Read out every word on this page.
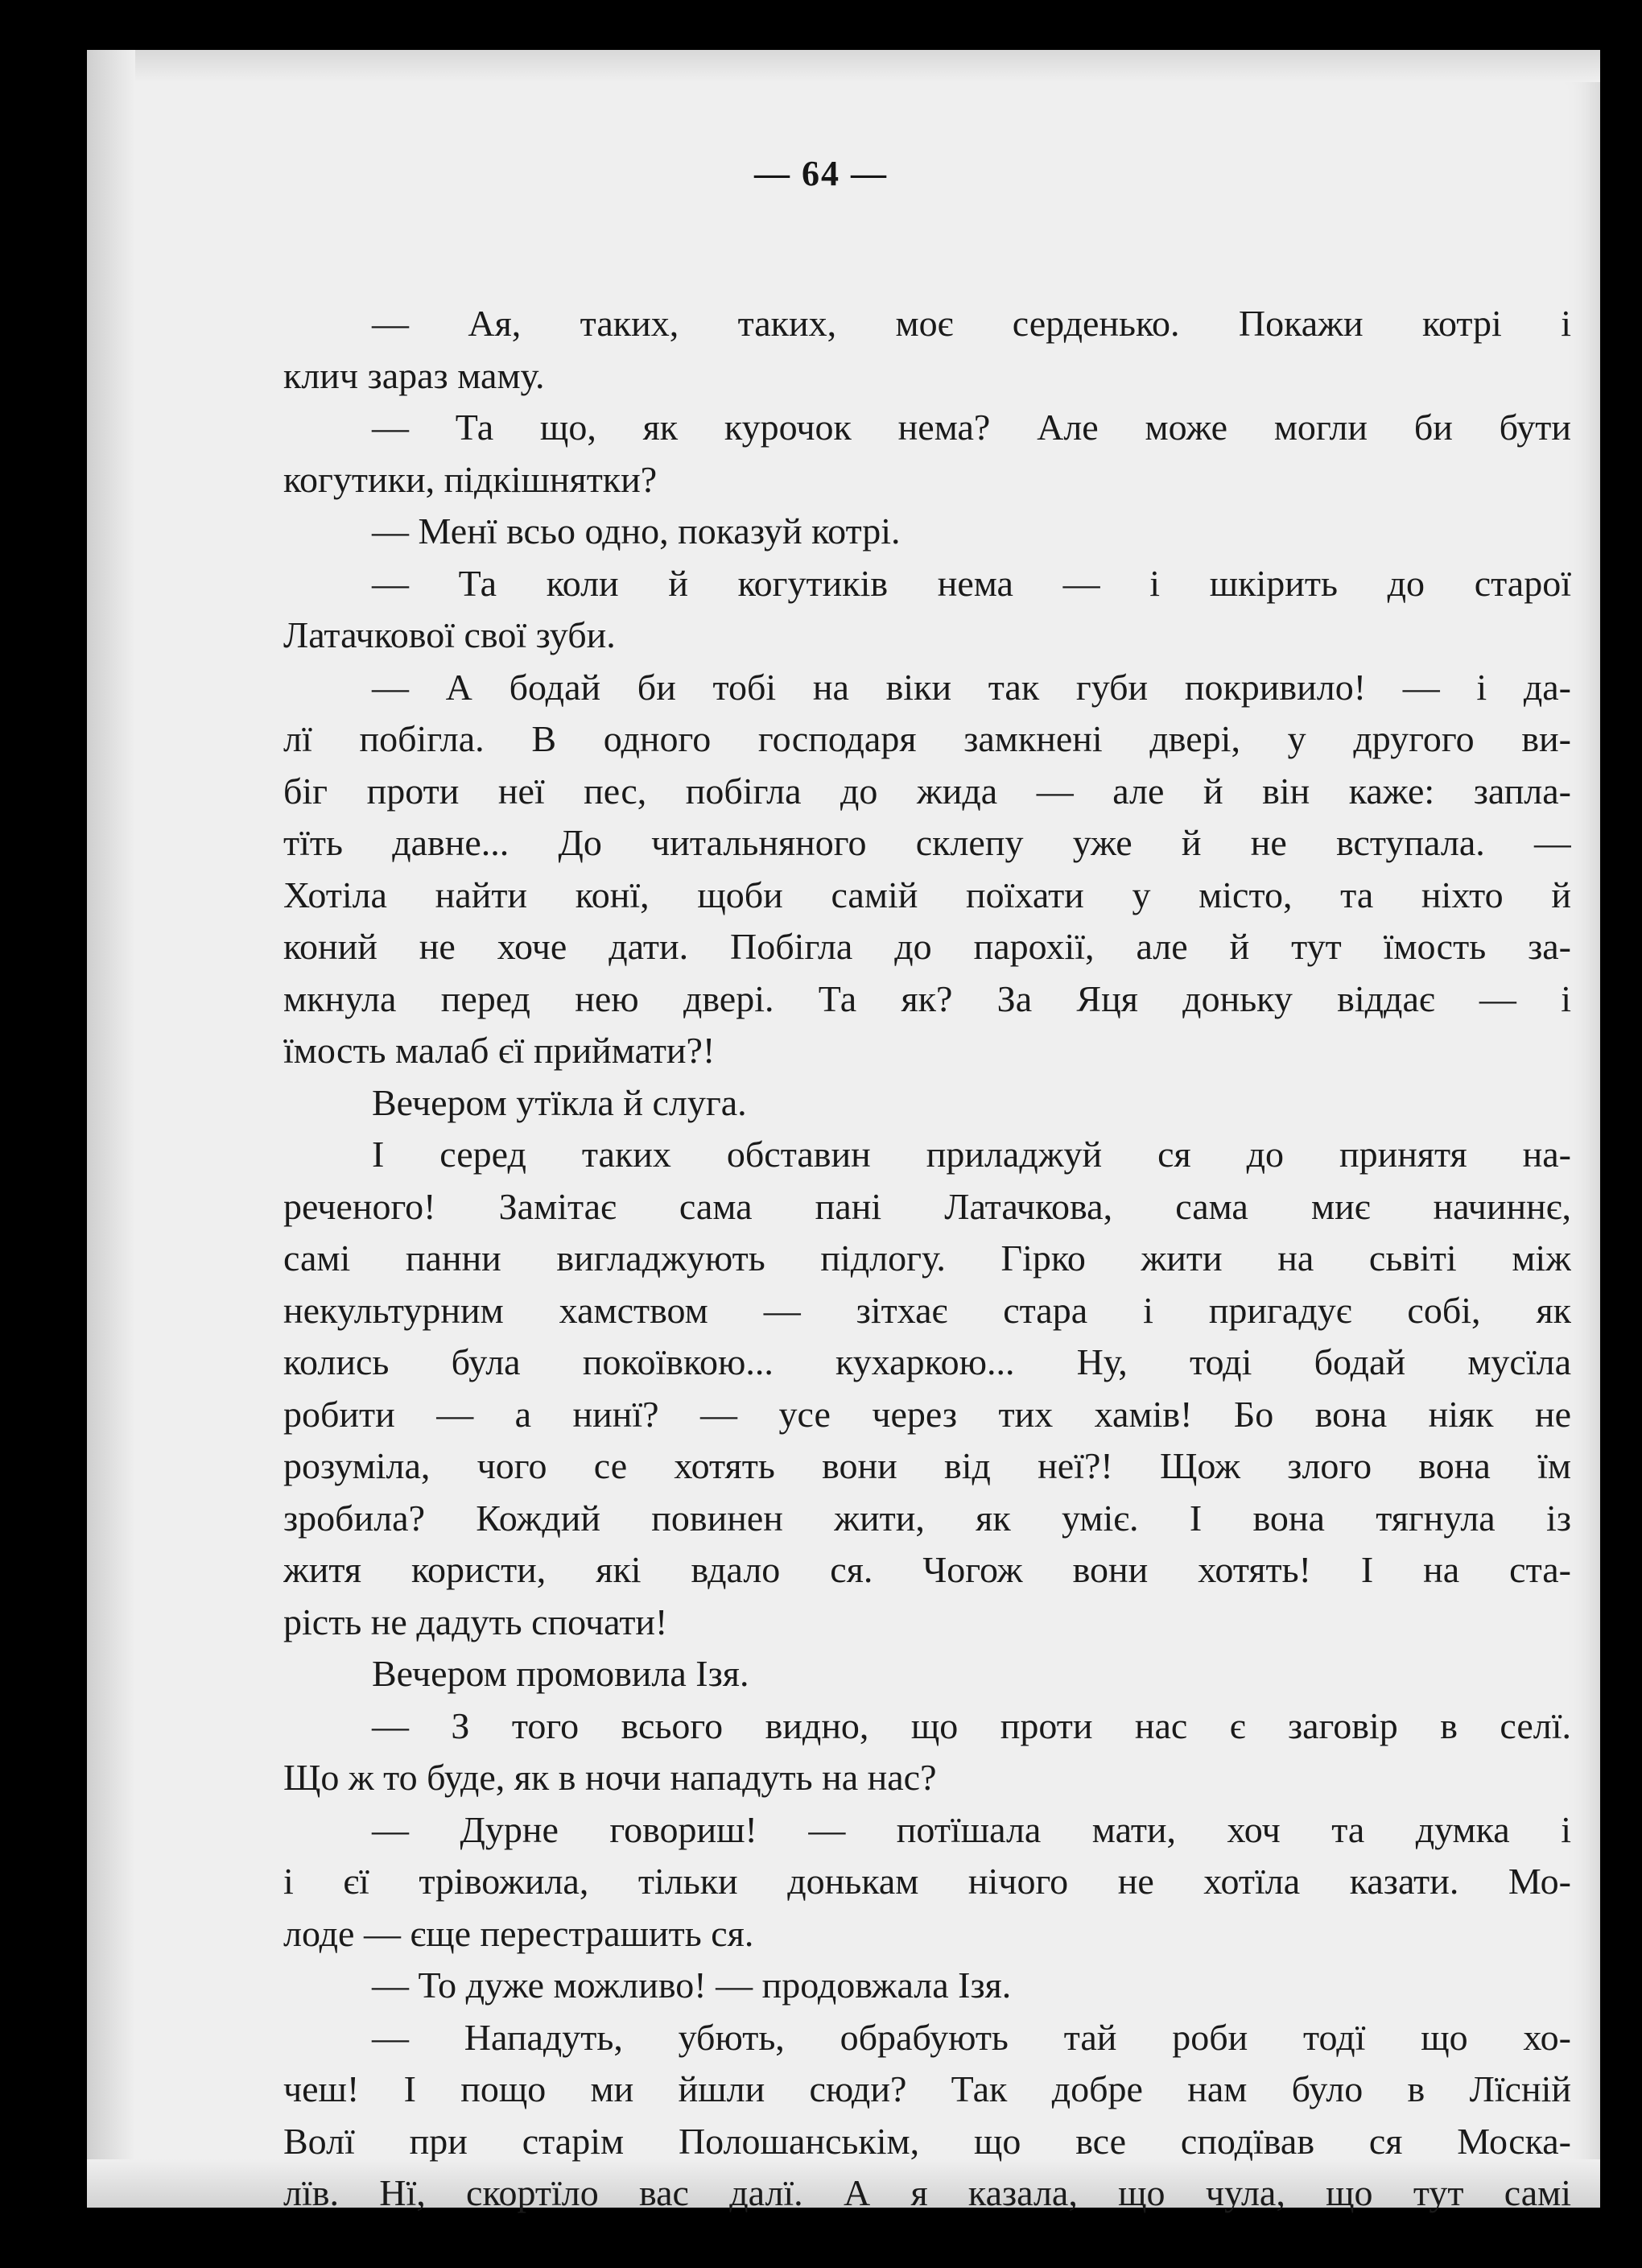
— 64 —
— Ая, таких, таких, моє серденько. Покажи котрі і
клич зараз маму.
— Та що, як курочок нема? Але може могли би бути
когутики, підкішнятки?
— Менї всьо одно, показуй котрі.
— Та коли й когутиків нема — і шкірить до старої
Латачкової свої зуби.
— А бодай би тобі на віки так губи покривило! — і да-
лї побігла. В одного господаря замкнені двері, у другого ви-
біг проти неї пес, побігла до жида — але й він каже: запла-
тїть давне... До читальняного склепу уже й не вступала. —
Хотіла найти конї, щоби самій поїхати у місто, та ніхто й
коний не хоче дати. Побігла до парохії, але й тут їмость за-
мкнула перед нею двері. Та як? За Яця доньку віддає — і
їмость малаб єї приймати?!
Вечером утїкла й слуга.
І серед таких обставин приладжуй ся до принятя на-
реченого! Замітає сама пані Латачкова, сама миє начиннє,
самі панни вигладжують підлогу. Гірко жити на сьвіті між
некультурним хамством — зітхає стара і пригадує собі, як
колись була покоївкою... кухаркою... Ну, тоді бодай мусїла
робити — а нинї? — усе через тих хамів! Бо вона ніяк не
розуміла, чого се хотять вони від неї?! Щож злого вона їм
зробила? Кождий повинен жити, як уміє. І вона тягнула із
житя користи, які вдало ся. Чогож вони хотять! І на ста-
рість не дадуть спочати!
Вечером промовила Ізя.
— З того всього видно, що проти нас є заговір в селї.
Що ж то буде, як в ночи нападуть на нас?
— Дурне говориш! — потїшала мати, хоч та думка і
і єї трівожила, тільки донькам нічого не хотїла казати. Мо-
лоде — єще перестрашить ся.
— То дуже можливо! — продовжала Ізя.
— Нападуть, убють, обрабують тай роби тодї що хо-
чеш! І пощо ми йшли сюди? Так добре нам було в Лїсній
Волї при старім Полошанськім, що все сподївав ся Моска-
лїв. Нї, скортїло вас далї. А я казала, що чула, що тут самі
